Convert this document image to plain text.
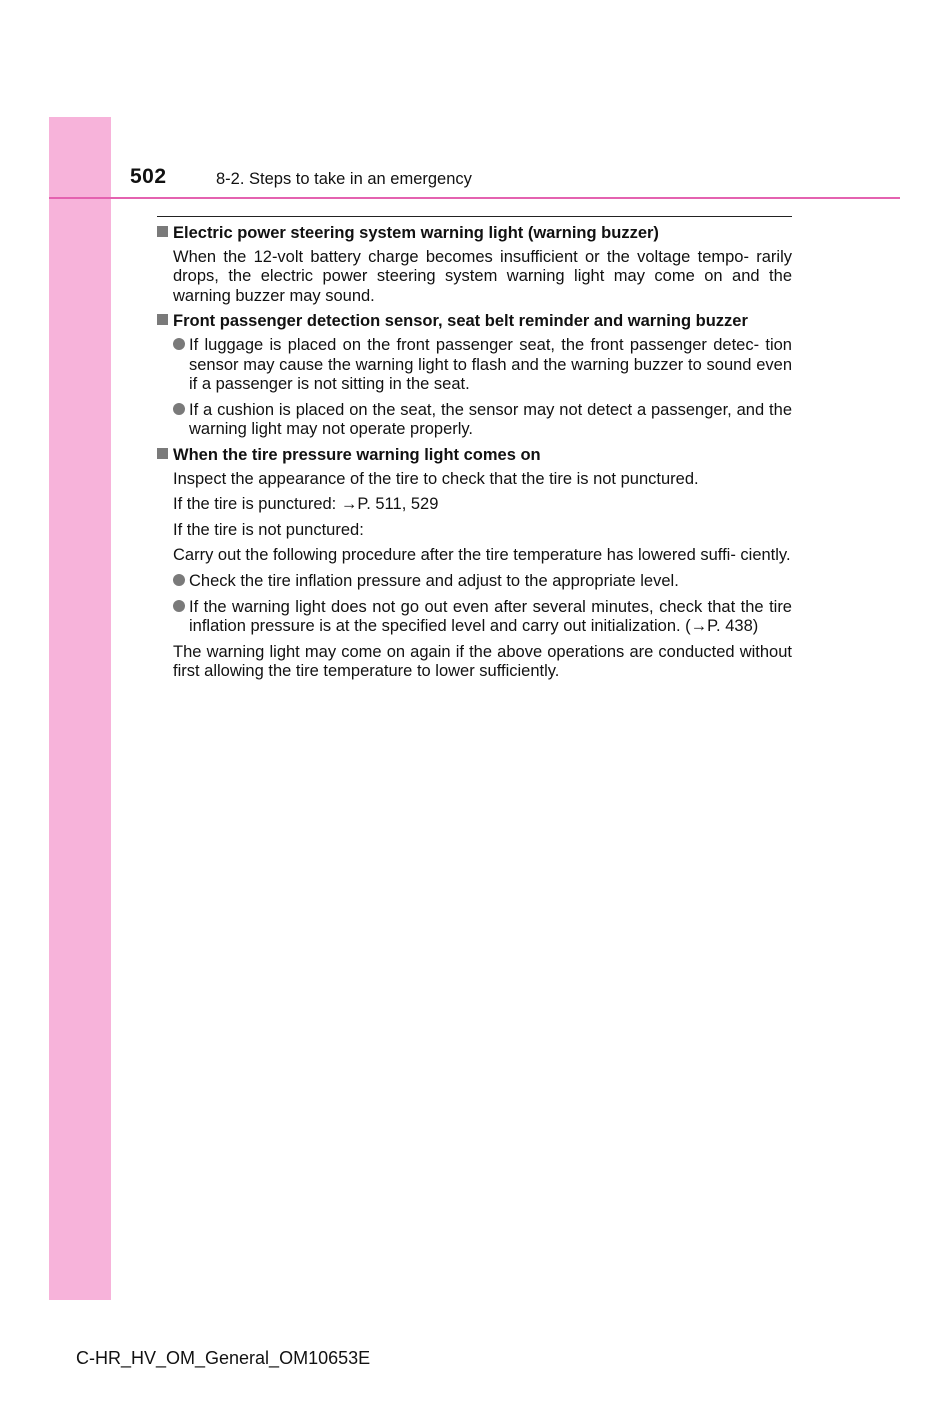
502	8-2. Steps to take in an emergency
Electric power steering system warning light (warning buzzer)

When the 12-volt battery charge becomes insufficient or the voltage tempo- rarily drops, the electric power steering system warning light may come on and the warning buzzer may sound.

Front passenger detection sensor, seat belt reminder and warning buzzer

If luggage is placed on the front passenger seat, the front passenger detec- tion sensor may cause the warning light to flash and the warning buzzer to sound even if a passenger is not sitting in the seat.

If a cushion is placed on the seat, the sensor may not detect a passenger, and the warning light may not operate properly.

When the tire pressure warning light comes on

Inspect the appearance of the tire to check that the tire is not punctured.

If the tire is punctured: →P. 511, 529

If the tire is not punctured:

Carry out the following procedure after the tire temperature has lowered suffi- ciently.

Check the tire inflation pressure and adjust to the appropriate level.

If the warning light does not go out even after several minutes, check that the tire inflation pressure is at the specified level and carry out initialization. (→P. 438)

The warning light may come on again if the above operations are conducted without first allowing the tire temperature to lower sufficiently.

C-HR_HV_OM_General_OM10653E
